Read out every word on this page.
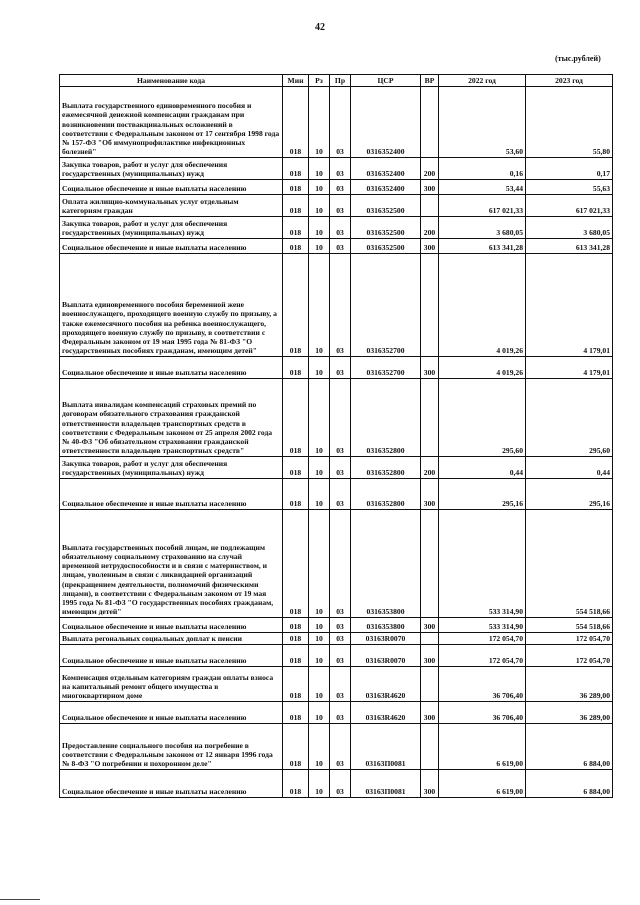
42
(тыс.рублей)
Наименование кода	Мин	Рз	Пр	ЦСР	ВР	2022 год	2023 год
Выплата государственного единовременного пособия и ежемесячной денежной компенсации гражданам при возникновении поствакцинальных осложнений в соответствии с Федеральным законом от 17 сентября 1998 года № 157-ФЗ "Об иммунопрофилактике инфекционных болезней"	018	10	03	0316352400		53,60	55,80
Закупка товаров, работ и услуг для обеспечения государственных (муниципальных) нужд	018	10	03	0316352400	200	0,16	0,17
Социальное обеспечение и иные выплаты населению	018	10	03	0316352400	300	53,44	55,63
Оплата жилищно-коммунальных услуг отдельным категориям граждан	018	10	03	0316352500		617 021,33	617 021,33
Закупка товаров, работ и услуг для обеспечения государственных (муниципальных) нужд	018	10	03	0316352500	200	3 680,05	3 680,05
Социальное обеспечение и иные выплаты населению	018	10	03	0316352500	300	613 341,28	613 341,28
Выплата единовременного пособия беременной жене военнослужащего, проходящего военную службу по призыву, а также ежемесячного пособия на ребенка военнослужащего, проходящего военную службу по призыву, в соответствии с Федеральным законом от 19 мая 1995 года № 81-ФЗ "О государственных пособиях гражданам, имеющим детей"	018	10	03	0316352700		4 019,26	4 179,01
Социальное обеспечение и иные выплаты населению	018	10	03	0316352700	300	4 019,26	4 179,01
Выплата инвалидам компенсаций страховых премий по договорам обязательного страхования гражданской ответственности владельцев транспортных средств в соответствии с Федеральным законом от 25 апреля 2002 года № 40-ФЗ "Об обязательном страховании гражданской ответственности владельцев транспортных средств"	018	10	03	0316352800		295,60	295,60
Закупка товаров, работ и услуг для обеспечения государственных (муниципальных) нужд	018	10	03	0316352800	200	0,44	0,44
Социальное обеспечение и иные выплаты населению	018	10	03	0316352800	300	295,16	295,16
Выплата государственных пособий лицам, не подлежащим обязательному социальному страхованию на случай временной нетрудоспособности и в связи с материнством, и лицам, уволенным в связи с ликвидацией организаций (прекращением деятельности, полномочий физическими лицами), в соответствии с Федеральным законом от 19 мая 1995 года № 81-ФЗ "О государственных пособиях гражданам, имеющим детей"	018	10	03	0316353800		533 314,90	554 518,66
Социальное обеспечение и иные выплаты населению	018	10	03	0316353800	300	533 314,90	554 518,66
Выплата регональных социальных доплат к пенсии	018	10	03	03163R0070		172 054,70	172 054,70
Социальное обеспечение и иные выплаты населению	018	10	03	03163R0070	300	172 054,70	172 054,70
Компенсация отдельным категориям граждан оплаты взноса на капитальный ремонт общего имущества в многоквартирном доме	018	10	03	03163R4620		36 706,40	36 289,00
Социальное обеспечение и иные выплаты населению	018	10	03	03163R4620	300	36 706,40	36 289,00
Предоставление социального пособия на погребение в соответствии с Федеральным законом от 12 января 1996 года № 8-ФЗ "О погребении и похоронном деле"	018	10	03	03163П0081		6 619,00	6 884,00
Социальное обеспечение и иные выплаты населению	018	10	03	03163П0081	300	6 619,00	6 884,00
